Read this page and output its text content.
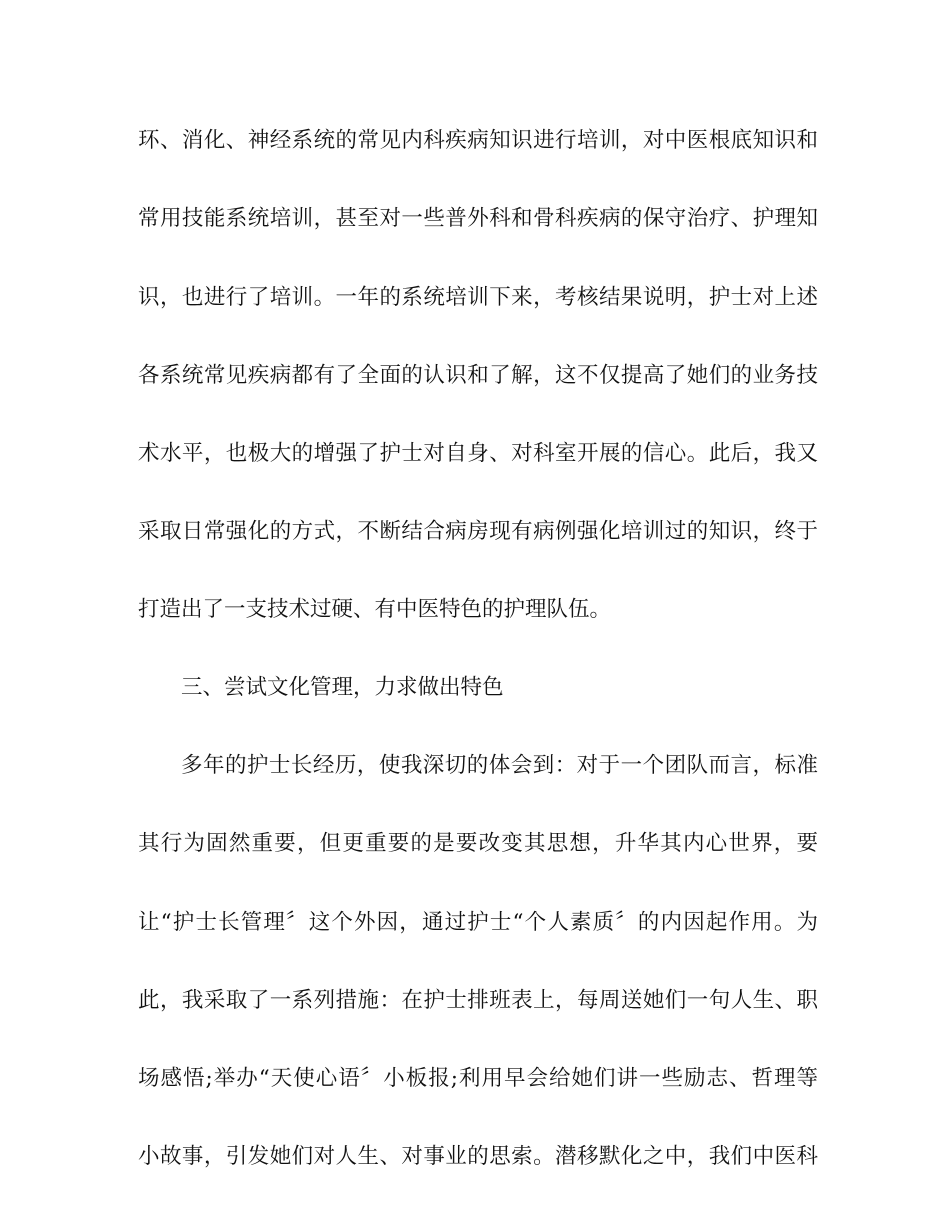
环、消化、神经系统的常见内科疾病知识进行培训，对中医根底知识和

常用技能系统培训，甚至对一些普外科和骨科疾病的保守治疗、护理知

识，也进行了培训。一年的系统培训下来，考核结果说明，护士对上述

各系统常见疾病都有了全面的认识和了解，这不仅提高了她们的业务技

术水平，也极大的增强了护士对自身、对科室开展的信心。此后，我又

采取日常强化的方式，不断结合病房现有病例强化培训过的知识，终于

打造出了一支技术过硬、有中医特色的护理队伍。

三、尝试文化管理，力求做出特色

多年的护士长经历，使我深切的体会到：对于一个团队而言，标准

其行为固然重要，但更重要的是要改变其思想，升华其内心世界，要

让“护士长管理〞这个外因，通过护士“个人素质〞的内因起作用。为

此，我采取了一系列措施：在护士排班表上，每周送她们一句人生、职

场感悟;举办“天使心语〞小板报;利用早会给她们讲一些励志、哲理等

小故事，引发她们对人生、对事业的思索。潜移默化之中，我们中医科
